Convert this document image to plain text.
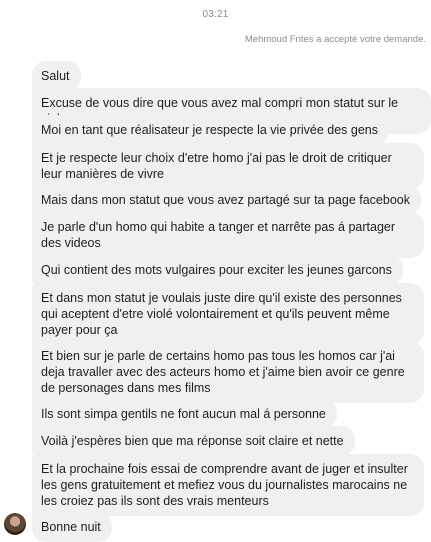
03:21
Mehmoud Frites a accepté votre demande.
Salut
Excuse de vous dire que vous avez mal compri mon statut sur le
Moi en tant que réalisateur je respecte la vie privée des gens
Et je respecte leur choix d'etre homo j'ai pas le droit de critiquer leur manières de vivre
Mais dans mon statut que vous avez partagé sur ta page facebook
Je parle d'un homo qui habite a tanger et narrête pas á partager des videos
Qui contient des mots vulgaires pour exciter les jeunes garcons
Et dans mon statut je voulais juste dire qu'il existe des personnes qui aceptent d'etre violé volontairement et qu'ils peuvent même payer pour ça
Et bien sur je parle de certains homo pas tous les homos car j'ai deja travaller avec des acteurs homo et j'aime bien avoir ce genre de personages dans mes films
Ils sont simpa gentils ne font aucun mal á personne
Voilà j'espères bien que ma réponse soit claire et nette
Et la prochaine fois essai de comprendre avant de juger et insulter les gens gratuitement et mefiez vous du journalistes marocains ne les croiez pas ils sont des vrais menteurs
Bonne nuit
